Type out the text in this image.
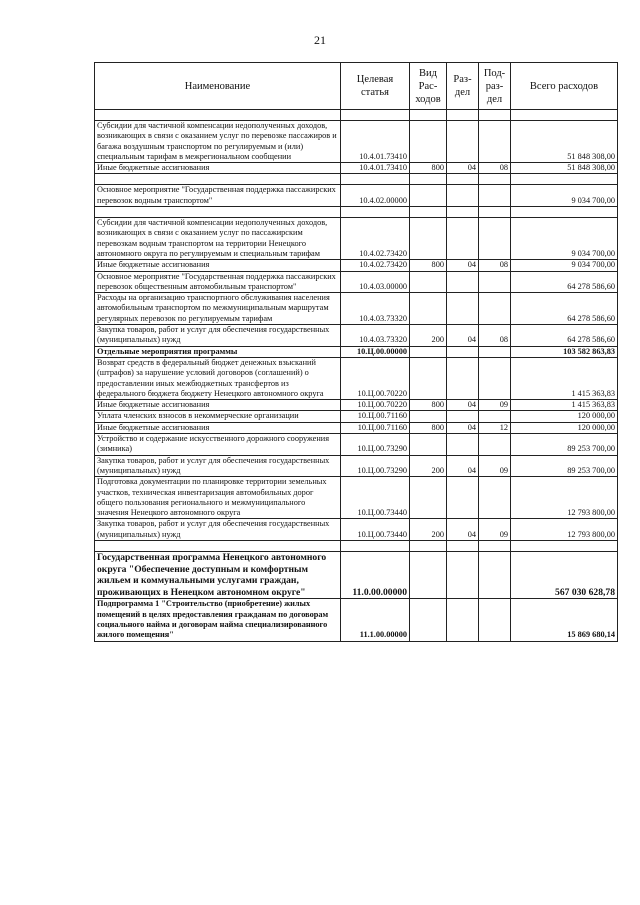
21
Наименование	Целевая статья	Вид Рас-ходов	Раз-дел	Под-раз-дел	Всего расходов

Субсидии для частичной компенсации недополученных доходов, возникающих в связи с оказанием услуг по перевозке пассажиров и багажа воздушным транспортом по регулируемым и (или) специальным тарифам в межрегиональном сообщении	10.4.01.73410				51 848 308,00
Иные бюджетные ассигнования	10.4.01.73410	800	04	08	51 848 308,00

Основное мероприятие "Государственная поддержка пассажирских перевозок водным транспортом"	10.4.02.00000				9 034 700,00

Субсидии для частичной компенсации недополученных доходов, возникающих в связи с оказанием услуг по пассажирским перевозкам водным транспортом на территории Ненецкого автономного округа по регулируемым и специальным тарифам	10.4.02.73420				9 034 700,00
Иные бюджетные ассигнования	10.4.02.73420	800	04	08	9 034 700,00
Основное мероприятие "Государственная поддержка пассажирских перевозок общественным автомобильным транспортом"	10.4.03.00000				64 278 586,60
Расходы на организацию транспортного обслуживания населения автомобильным транспортом по межмуниципальным маршрутам регулярных перевозок по регулируемым тарифам	10.4.03.73320				64 278 586,60
Закупка товаров, работ и услуг для обеспечения государственных (муниципальных) нужд	10.4.03.73320	200	04	08	64 278 586,60
Отдельные мероприятия программы	10.Ц.00.00000				103 582 863,83
Возврат средств в федеральный бюджет денежных взысканий (штрафов) за нарушение условий договоров (соглашений) о предоставлении иных межбюджетных трансфертов из федерального бюджета бюджету Ненецкого автономного округа	10.Ц.00.70220				1 415 363,83
Иные бюджетные ассигнования	10.Ц.00.70220	800	04	09	1 415 363,83
Уплата членских взносов в некоммерческие организации	10.Ц.00.71160				120 000,00
Иные бюджетные ассигнования	10.Ц.00.71160	800	04	12	120 000,00
Устройство и содержание искусственного дорожного сооружения (зимника)	10.Ц.00.73290				89 253 700,00
Закупка товаров, работ и услуг для обеспечения государственных (муниципальных) нужд	10.Ц.00.73290	200	04	09	89 253 700,00
Подготовка документации по планировке территории земельных участков, техническая инвентаризация автомобильных дорог общего пользования регионального и межмуниципального значения Ненецкого автономного округа	10.Ц.00.73440				12 793 800,00
Закупка товаров, работ и услуг для обеспечения государственных (муниципальных) нужд	10.Ц.00.73440	200	04	09	12 793 800,00

Государственная программа Ненецкого автономного округа "Обеспечение доступным и комфортным жильем и коммунальными услугами граждан, проживающих в Ненецком автономном округе"	11.0.00.00000				567 030 628,78
Подпрограмма 1 "Строительство (приобретение) жилых помещений в целях предоставления гражданам по договорам социального найма и договорам найма специализированного жилого помещения"	11.1.00.00000				15 869 680,14
